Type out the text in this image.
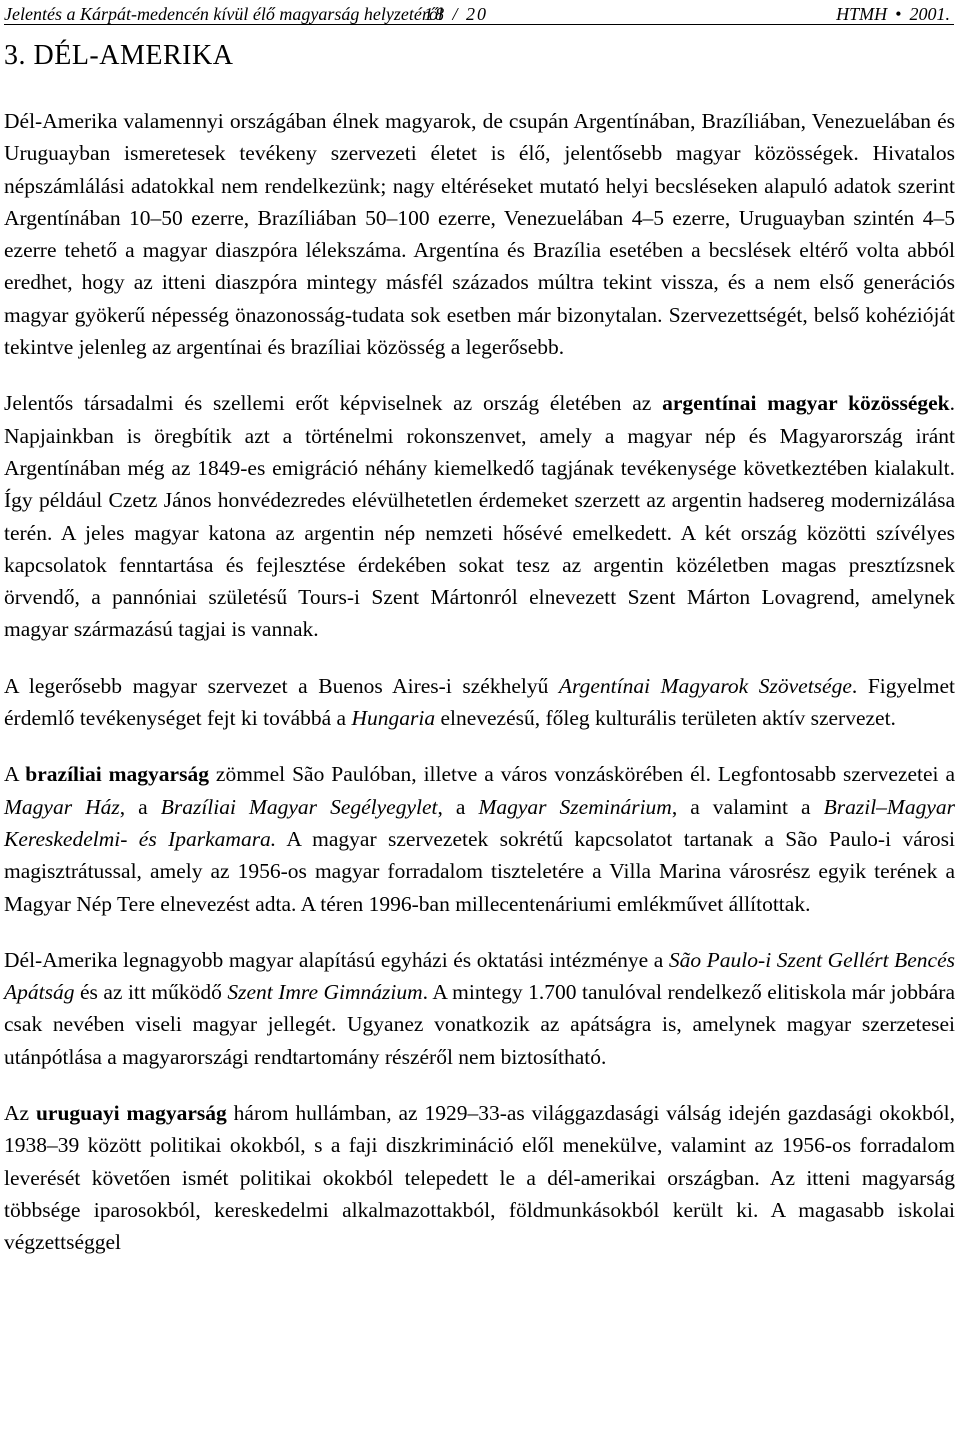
Jelentés a Kárpát-medencén kívül élő magyarság helyzetéről
18 / 20	HTMH • 2001.
3. DÉL-AMERIKA

Dél-Amerika valamennyi országában élnek magyarok, de csupán Argentínában, Brazíliában, Venezuelában és Uruguayban ismeretesek tevékeny szervezeti életet is élő, jelentősebb magyar közösségek. Hivatalos népszámlálási adatokkal nem rendelkezünk; nagy eltéréseket mutató helyi becsléseken alapuló adatok szerint Argentínában 10–50 ezerre, Brazíliában 50–100 ezerre, Venezuelában 4–5 ezerre, Uruguayban szintén 4–5 ezerre tehető a magyar diaszpóra lélekszáma. Argentína és Brazília esetében a becslések eltérő volta abból eredhet, hogy az itteni diaszpóra mintegy másfél százados múltra tekint vissza, és a nem első generációs magyar gyökerű népesség önazonosság-tudata sok esetben már bizonytalan. Szervezettségét, belső kohézióját tekintve jelenleg az argentínai és brazíliai közösség a legerősebb.

Jelentős társadalmi és szellemi erőt képviselnek az ország életében az argentínai magyar közösségek. Napjainkban is öregbítik azt a történelmi rokonszenvet, amely a magyar nép és Magyarország iránt Argentínában még az 1849-es emigráció néhány kiemelkedő tagjának tevékenysége következtében kialakult. Így például Czetz János honvédezredes elévülhetetlen érdemeket szerzett az argentin hadsereg modernizálása terén. A jeles magyar katona az argentin nép nemzeti hősévé emelkedett. A két ország közötti szívélyes kapcsolatok fenntartása és fejlesztése érdekében sokat tesz az argentin közéletben magas presztízsnek örvendő, a pannóniai születésű Tours-i Szent Mártonról elnevezett Szent Márton Lovagrend, amelynek magyar származású tagjai is vannak.

A legerősebb magyar szervezet a Buenos Aires-i székhelyű Argentínai Magyarok Szövetsége. Figyelmet érdemlő tevékenységet fejt ki továbbá a Hungaria elnevezésű, főleg kulturális területen aktív szervezet.

A brazíliai magyarság zömmel São Paulóban, illetve a város vonzáskörében él. Legfontosabb szervezetei a Magyar Ház, a Brazíliai Magyar Segélyegylet, a Magyar Szeminárium, a valamint a Brazil–Magyar Kereskedelmi- és Iparkamara. A magyar szervezetek sokrétű kapcsolatot tartanak a São Paulo-i városi magisztrátussal, amely az 1956-os magyar forradalom tiszteletére a Villa Marina városrész egyik terének a Magyar Nép Tere elnevezést adta. A téren 1996-ban millecentenáriumi emlékművet állítottak.

Dél-Amerika legnagyobb magyar alapítású egyházi és oktatási intézménye a São Paulo-i Szent Gellért Bencés Apátság és az itt működő Szent Imre Gimnázium. A mintegy 1.700 tanulóval rendelkező elitiskola már jobbára csak nevében viseli magyar jellegét. Ugyanez vonatkozik az apátságra is, amelynek magyar szerzetesei utánpótlása a magyarországi rendtartomány részéről nem biztosítható.

Az uruguayi magyarság három hullámban, az 1929–33-as világgazdasági válság idején gazdasági okokból, 1938–39 között politikai okokból, s a faji diszkrimináció elől menekülve, valamint az 1956-os forradalom leverését követően ismét politikai okokból telepedett le a dél-amerikai országban. Az itteni magyarság többsége iparosokból, kereskedelmi alkalmazottakból, földmunkásokból került ki. A magasabb iskolai végzettséggel
